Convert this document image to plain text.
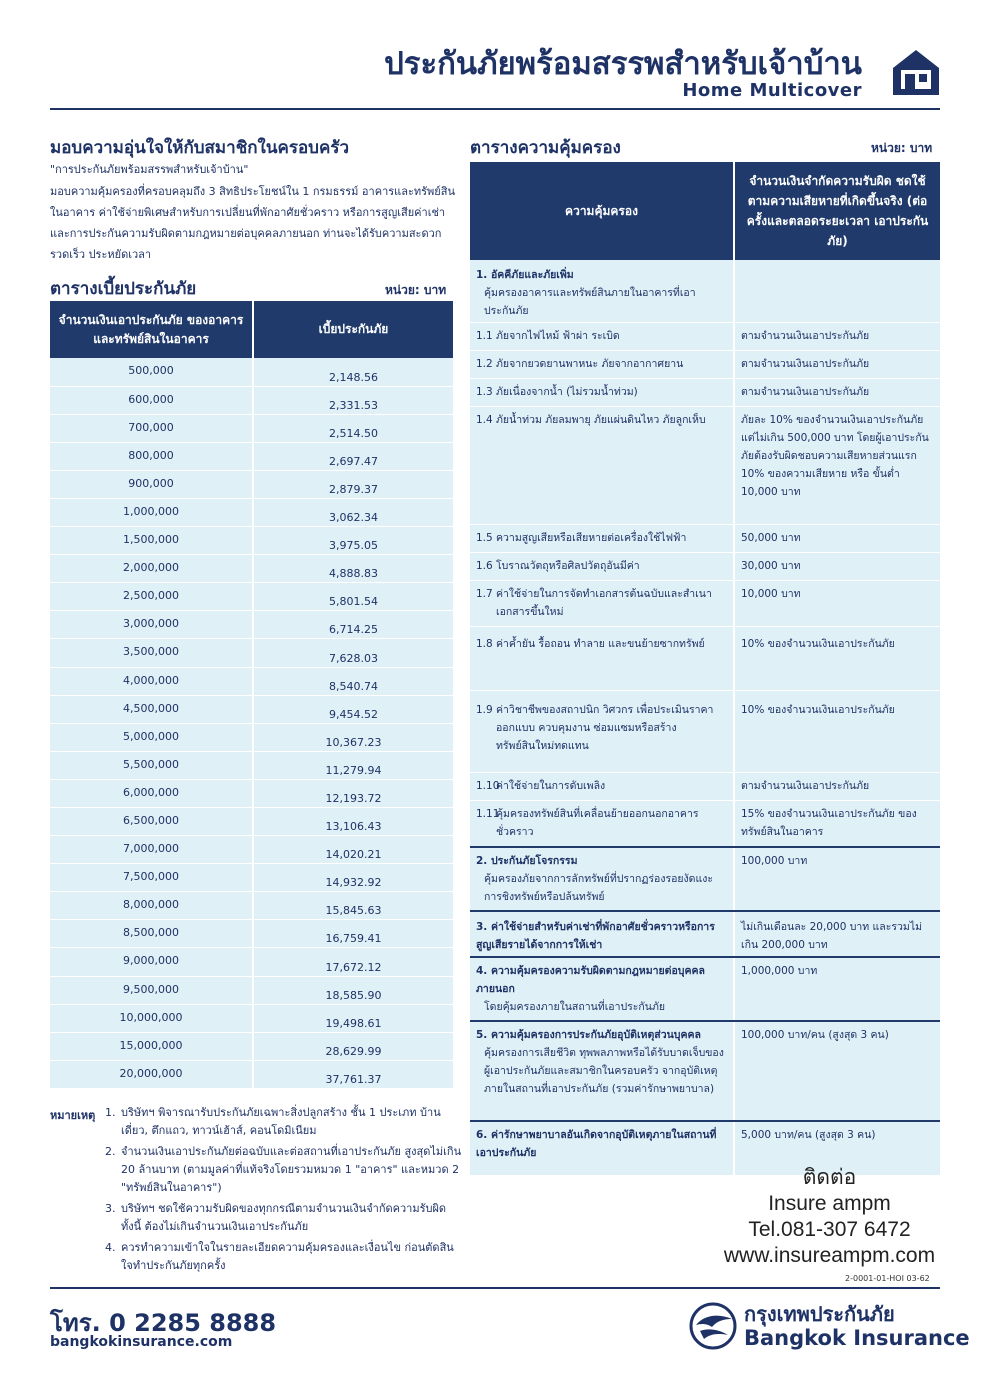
ประกันภัยพร้อมสรรพสำหรับเจ้าบ้าน
Home Multicover
มอบความอุ่นใจให้กับสมาชิกในครอบครัว
"การประกันภัยพร้อมสรรพสำหรับเจ้าบ้าน"
มอบความคุ้มครองที่ครอบคลุมถึง 3 สิทธิประโยชน์ใน 1 กรมธรรม์ อาคารและทรัพย์สินในอาคาร ค่าใช้จ่ายพิเศษสำหรับการเปลี่ยนที่พักอาศัยชั่วคราว หรือการสูญเสียค่าเช่า และการประกันความรับผิดตามกฎหมายต่อบุคคลภายนอก ท่านจะได้รับความสะดวก รวดเร็ว ประหยัดเวลา
ตารางเบี้ยประกันภัย	หน่วย: บาท
จำนวนเงินเอาประกันภัย ของอาคารและทรัพย์สินในอาคาร	เบี้ยประกันภัย
500,000	2,148.56
600,000	2,331.53
700,000	2,514.50
800,000	2,697.47
900,000	2,879.37
1,000,000	3,062.34
1,500,000	3,975.05
2,000,000	4,888.83
2,500,000	5,801.54
3,000,000	6,714.25
3,500,000	7,628.03
4,000,000	8,540.74
4,500,000	9,454.52
5,000,000	10,367.23
5,500,000	11,279.94
6,000,000	12,193.72
6,500,000	13,106.43
7,000,000	14,020.21
7,500,000	14,932.92
8,000,000	15,845.63
8,500,000	16,759.41
9,000,000	17,672.12
9,500,000	18,585.90
10,000,000	19,498.61
15,000,000	28,629.99
20,000,000	37,761.37
หมายเหตุ 1. บริษัทฯ พิจารณารับประกันภัยเฉพาะสิ่งปลูกสร้าง ชั้น 1 ประเภท บ้านเดี่ยว, ตึกแถว, ทาวน์เฮ้าส์, คอนโดมิเนียม
2. จำนวนเงินเอาประกันภัยต่อฉบับและต่อสถานที่เอาประกันภัย สูงสุดไม่เกิน 20 ล้านบาท (ตามมูลค่าที่แท้จริงโดยรวมหมวด 1 "อาคาร" และหมวด 2 "ทรัพย์สินในอาคาร")
3. บริษัทฯ ชดใช้ความรับผิดของทุกกรณีตามจำนวนเงินจำกัดความรับผิด ทั้งนี้ ต้องไม่เกินจำนวนเงินเอาประกันภัย
4. ควรทำความเข้าใจในรายละเอียดความคุ้มครองและเงื่อนไข ก่อนตัดสินใจทำประกันภัยทุกครั้ง
ตารางความคุ้มครอง	หน่วย: บาท
ความคุ้มครอง	จำนวนเงินจำกัดความรับผิด ชดใช้ตามความเสียหายที่เกิดขึ้นจริง (ต่อครั้งและตลอดระยะเวลา เอาประกันภัย)

1. อัคคีภัยและภัยเพิ่ม
คุ้มครองอาคารและทรัพย์สินภายในอาคารที่เอาประกันภัย	

1.1 ภัยจากไฟไหม้ ฟ้าผ่า ระเบิด	ตามจำนวนเงินเอาประกันภัย
1.2 ภัยจากยวดยานพาหนะ ภัยจากอากาศยาน	ตามจำนวนเงินเอาประกันภัย
1.3 ภัยเนื่องจากน้ำ (ไม่รวมน้ำท่วม)	ตามจำนวนเงินเอาประกันภัย
1.4 ภัยน้ำท่วม ภัยลมพายุ ภัยแผ่นดินไหว ภัยลูกเห็บ	ภัยละ 10% ของจำนวนเงินเอาประกันภัย แต่ไม่เกิน 500,000 บาท โดยผู้เอาประกันภัยต้องรับผิดชอบความเสียหายส่วนแรก 10% ของความเสียหาย หรือ ขั้นต่ำ 10,000 บาท
1.5 ความสูญเสียหรือเสียหายต่อเครื่องใช้ไฟฟ้า	50,000 บาท
1.6 โบราณวัตถุหรือศิลปวัตถุอันมีค่า	30,000 บาท
1.7 ค่าใช้จ่ายในการจัดทำเอกสารต้นฉบับและสำเนาเอกสารขึ้นใหม่	10,000 บาท
1.8 ค่าค้ำยัน รื้อถอน ทำลาย และขนย้ายซากทรัพย์	10% ของจำนวนเงินเอาประกันภัย
1.9 ค่าวิชาชีพของสถาปนิก วิศวกร เพื่อประเมินราคา ออกแบบ ควบคุมงาน ซ่อมแซมหรือสร้างทรัพย์สินใหม่ทดแทน	10% ของจำนวนเงินเอาประกันภัย
1.10ค่าใช้จ่ายในการดับเพลิง	ตามจำนวนเงินเอาประกันภัย
1.11คุ้มครองทรัพย์สินที่เคลื่อนย้ายออกนอกอาคารชั่วคราว	15% ของจำนวนเงินเอาประกันภัย ของทรัพย์สินในอาคาร

2. ประกันภัยโจรกรรม
คุ้มครองภัยจากการลักทรัพย์ที่ปรากฏร่องรอยงัดแงะ การชิงทรัพย์หรือปล้นทรัพย์	100,000 บาท

3. ค่าใช้จ่ายสำหรับค่าเช่าที่พักอาศัยชั่วคราวหรือการสูญเสียรายได้จากการให้เช่า	ไม่เกินเดือนละ 20,000 บาท และรวมไม่เกิน 200,000 บาท

4. ความคุ้มครองความรับผิดตามกฎหมายต่อบุคคลภายนอก
โดยคุ้มครองภายในสถานที่เอาประกันภัย	1,000,000 บาท

5. ความคุ้มครองการประกันภัยอุบัติเหตุส่วนบุคคล
คุ้มครองการเสียชีวิต ทุพพลภาพหรือได้รับบาดเจ็บของผู้เอาประกันภัยและสมาชิกในครอบครัว จากอุบัติเหตุ ภายในสถานที่เอาประกันภัย (รวมค่ารักษาพยาบาล)	100,000 บาท/คน (สูงสุด 3 คน)

6. ค่ารักษาพยาบาลอันเกิดจากอุบัติเหตุภายในสถานที่เอาประกันภัย	5,000 บาท/คน (สูงสุด 3 คน)
ติดต่อ
Insure ampm
Tel.081-307 6472
www.insureampm.com
2-0001-01-HOI 03-62
โทร. 0 2285 8888
bangkokinsurance.com
กรุงเทพประกันภัย
Bangkok Insurance
